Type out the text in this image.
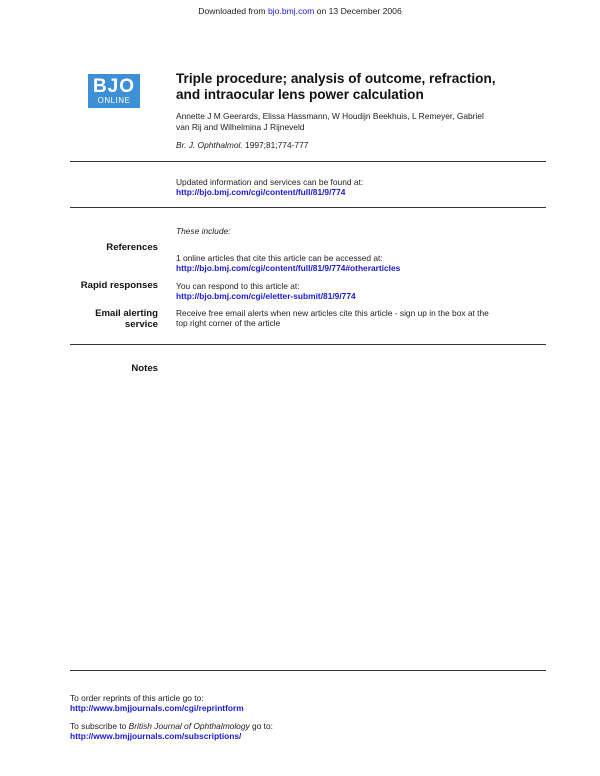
Downloaded from bjo.bmj.com on 13 December 2006
BJO
ONLINE
Triple procedure; analysis of outcome, refraction,
and intraocular lens power calculation
Annette J M Geerards, Elissa Hassmann, W Houdijn Beekhuis, L Remeyer, Gabriel
van Rij and Wilhelmina J Rijneveld
Br. J. Ophthalmol. 1997;81;774-777
Updated information and services can be found at:
http://bjo.bmj.com/cgi/content/full/81/9/774
These include:
References
1 online articles that cite this article can be accessed at:
http://bjo.bmj.com/cgi/content/full/81/9/774#otherarticles
Rapid responses You can respond to this article at:
http://bjo.bmj.com/cgi/eletter-submit/81/9/774
Email alerting
service
Receive free email alerts when new articles cite this article - sign up in the box at the
top right corner of the article
Notes
To order reprints of this article go to:
http://www.bmjjournals.com/cgi/reprintform
To subscribe to British Journal of Ophthalmology go to:
http://www.bmjjournals.com/subscriptions/
